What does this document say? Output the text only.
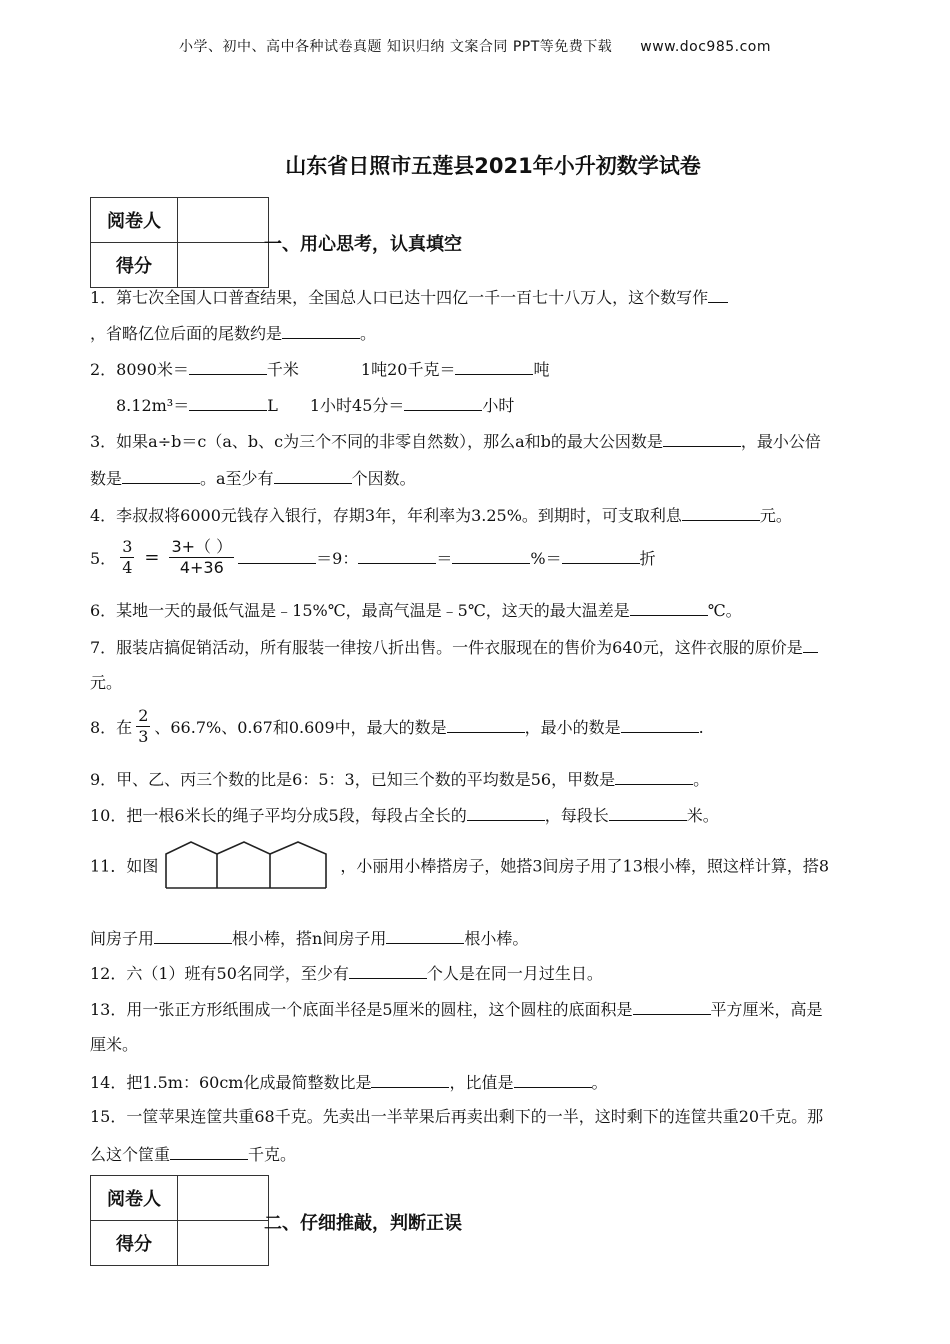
小学、初中、高中各种试卷真题 知识归纳 文案合同 PPT等免费下载 www.doc985.com
山东省日照市五莲县2021年小升初数学试卷
阅卷人	
得分	
一、用心思考，认真填空
1．第七次全国人口普查结果，全国总人口已达十四亿一千一百七十八万人，这个数写作
，省略亿位后面的尾数约是	。
2．8090米＝	千米	1吨20千克＝	吨
8.12m³＝	L 1小时45分＝	小时
3．如果a÷b＝c（a、b、c为三个不同的非零自然数），那么a和b的最大公因数是	，最小公倍
数是	。a至少有	个因数。
4．李叔叔将6000元钱存入银行，存期3年，年利率为3.25%。到期时，可支取利息	元。
5． $\frac{3}{4} = \frac{3+( )}{4+36}$	＝9：	＝	%＝	折
6．某地一天的最低气温是﹣15%℃，最高气温是﹣5℃，这天的最大温差是	℃。
7．服装店搞促销活动，所有服装一律按八折出售。一件衣服现在的售价为640元，这件衣服的原价是
元。
8．在 $\frac{2}{3}$ 、66.7%、0.67和0.609中，最大的数是	，最小的数是	.
9．甲、乙、丙三个数的比是6：5：3，已知三个数的平均数是56，甲数是	。
10．把一根6米长的绳子平均分成5段，每段占全长的	，每段长	米。
11．如图	，小丽用小棒搭房子，她搭3间房子用了13根小棒，照这样计算，搭8
间房子用	根小棒，搭n间房子用	根小棒。
12．六（1）班有50名同学，至少有	个人是在同一月过生日。
13．用一张正方形纸围成一个底面半径是5厘米的圆柱，这个圆柱的底面积是	平方厘米，高是
厘米。
14．把1.5m：60cm化成最简整数比是	，比值是	。
15．一筐苹果连筐共重68千克。先卖出一半苹果后再卖出剩下的一半，这时剩下的连筐共重20千克。那
么这个筐重	千克。
阅卷人	
得分	
二、仔细推敲，判断正误
